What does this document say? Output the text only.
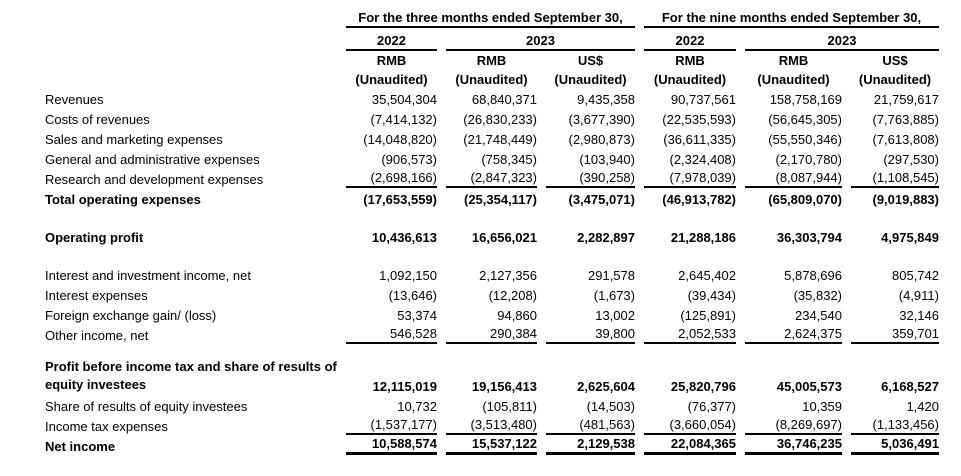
	For the three months ended September 30,			For the nine months ended September 30,		
	2022	2023		2022	2023	
	RMB	RMB	US$	RMB	RMB	US$
	(Unaudited)	(Unaudited)	(Unaudited)	(Unaudited)	(Unaudited)	(Unaudited)
Revenues	35,504,304	68,840,371	9,435,358	90,737,561	158,758,169	21,759,617
Costs of revenues	(7,414,132)	(26,830,233)	(3,677,390)	(22,535,593)	(56,645,305)	(7,763,885)
Sales and marketing expenses	(14,048,820)	(21,748,449)	(2,980,873)	(36,611,335)	(55,550,346)	(7,613,808)
General and administrative expenses	(906,573)	(758,345)	(103,940)	(2,324,408)	(2,170,780)	(297,530)
Research and development expenses	(2,698,166)	(2,847,323)	(390,258)	(7,978,039)	(8,087,944)	(1,108,545)
Total operating expenses	(17,653,559)	(25,354,117)	(3,475,071)	(46,913,782)	(65,809,070)	(9,019,883)

Operating profit	10,436,613	16,656,021	2,282,897	21,288,186	36,303,794	4,975,849

Interest and investment income, net	1,092,150	2,127,356	291,578	2,645,402	5,878,696	805,742
Interest expenses	(13,646)	(12,208)	(1,673)	(39,434)	(35,832)	(4,911)
Foreign exchange gain/ (loss)	53,374	94,860	13,002	(125,891)	234,540	32,146
Other income, net	546,528	290,384	39,800	2,052,533	2,624,375	359,701

Profit before income tax and share of results of
equity investees	12,115,019	19,156,413	2,625,604	25,820,796	45,005,573	6,168,527
Share of results of equity investees	10,732	(105,811)	(14,503)	(76,377)	10,359	1,420
Income tax expenses	(1,537,177)	(3,513,480)	(481,563)	(3,660,054)	(8,269,697)	(1,133,456)
Net income	10,588,574	15,537,122	2,129,538	22,084,365	36,746,235	5,036,491
